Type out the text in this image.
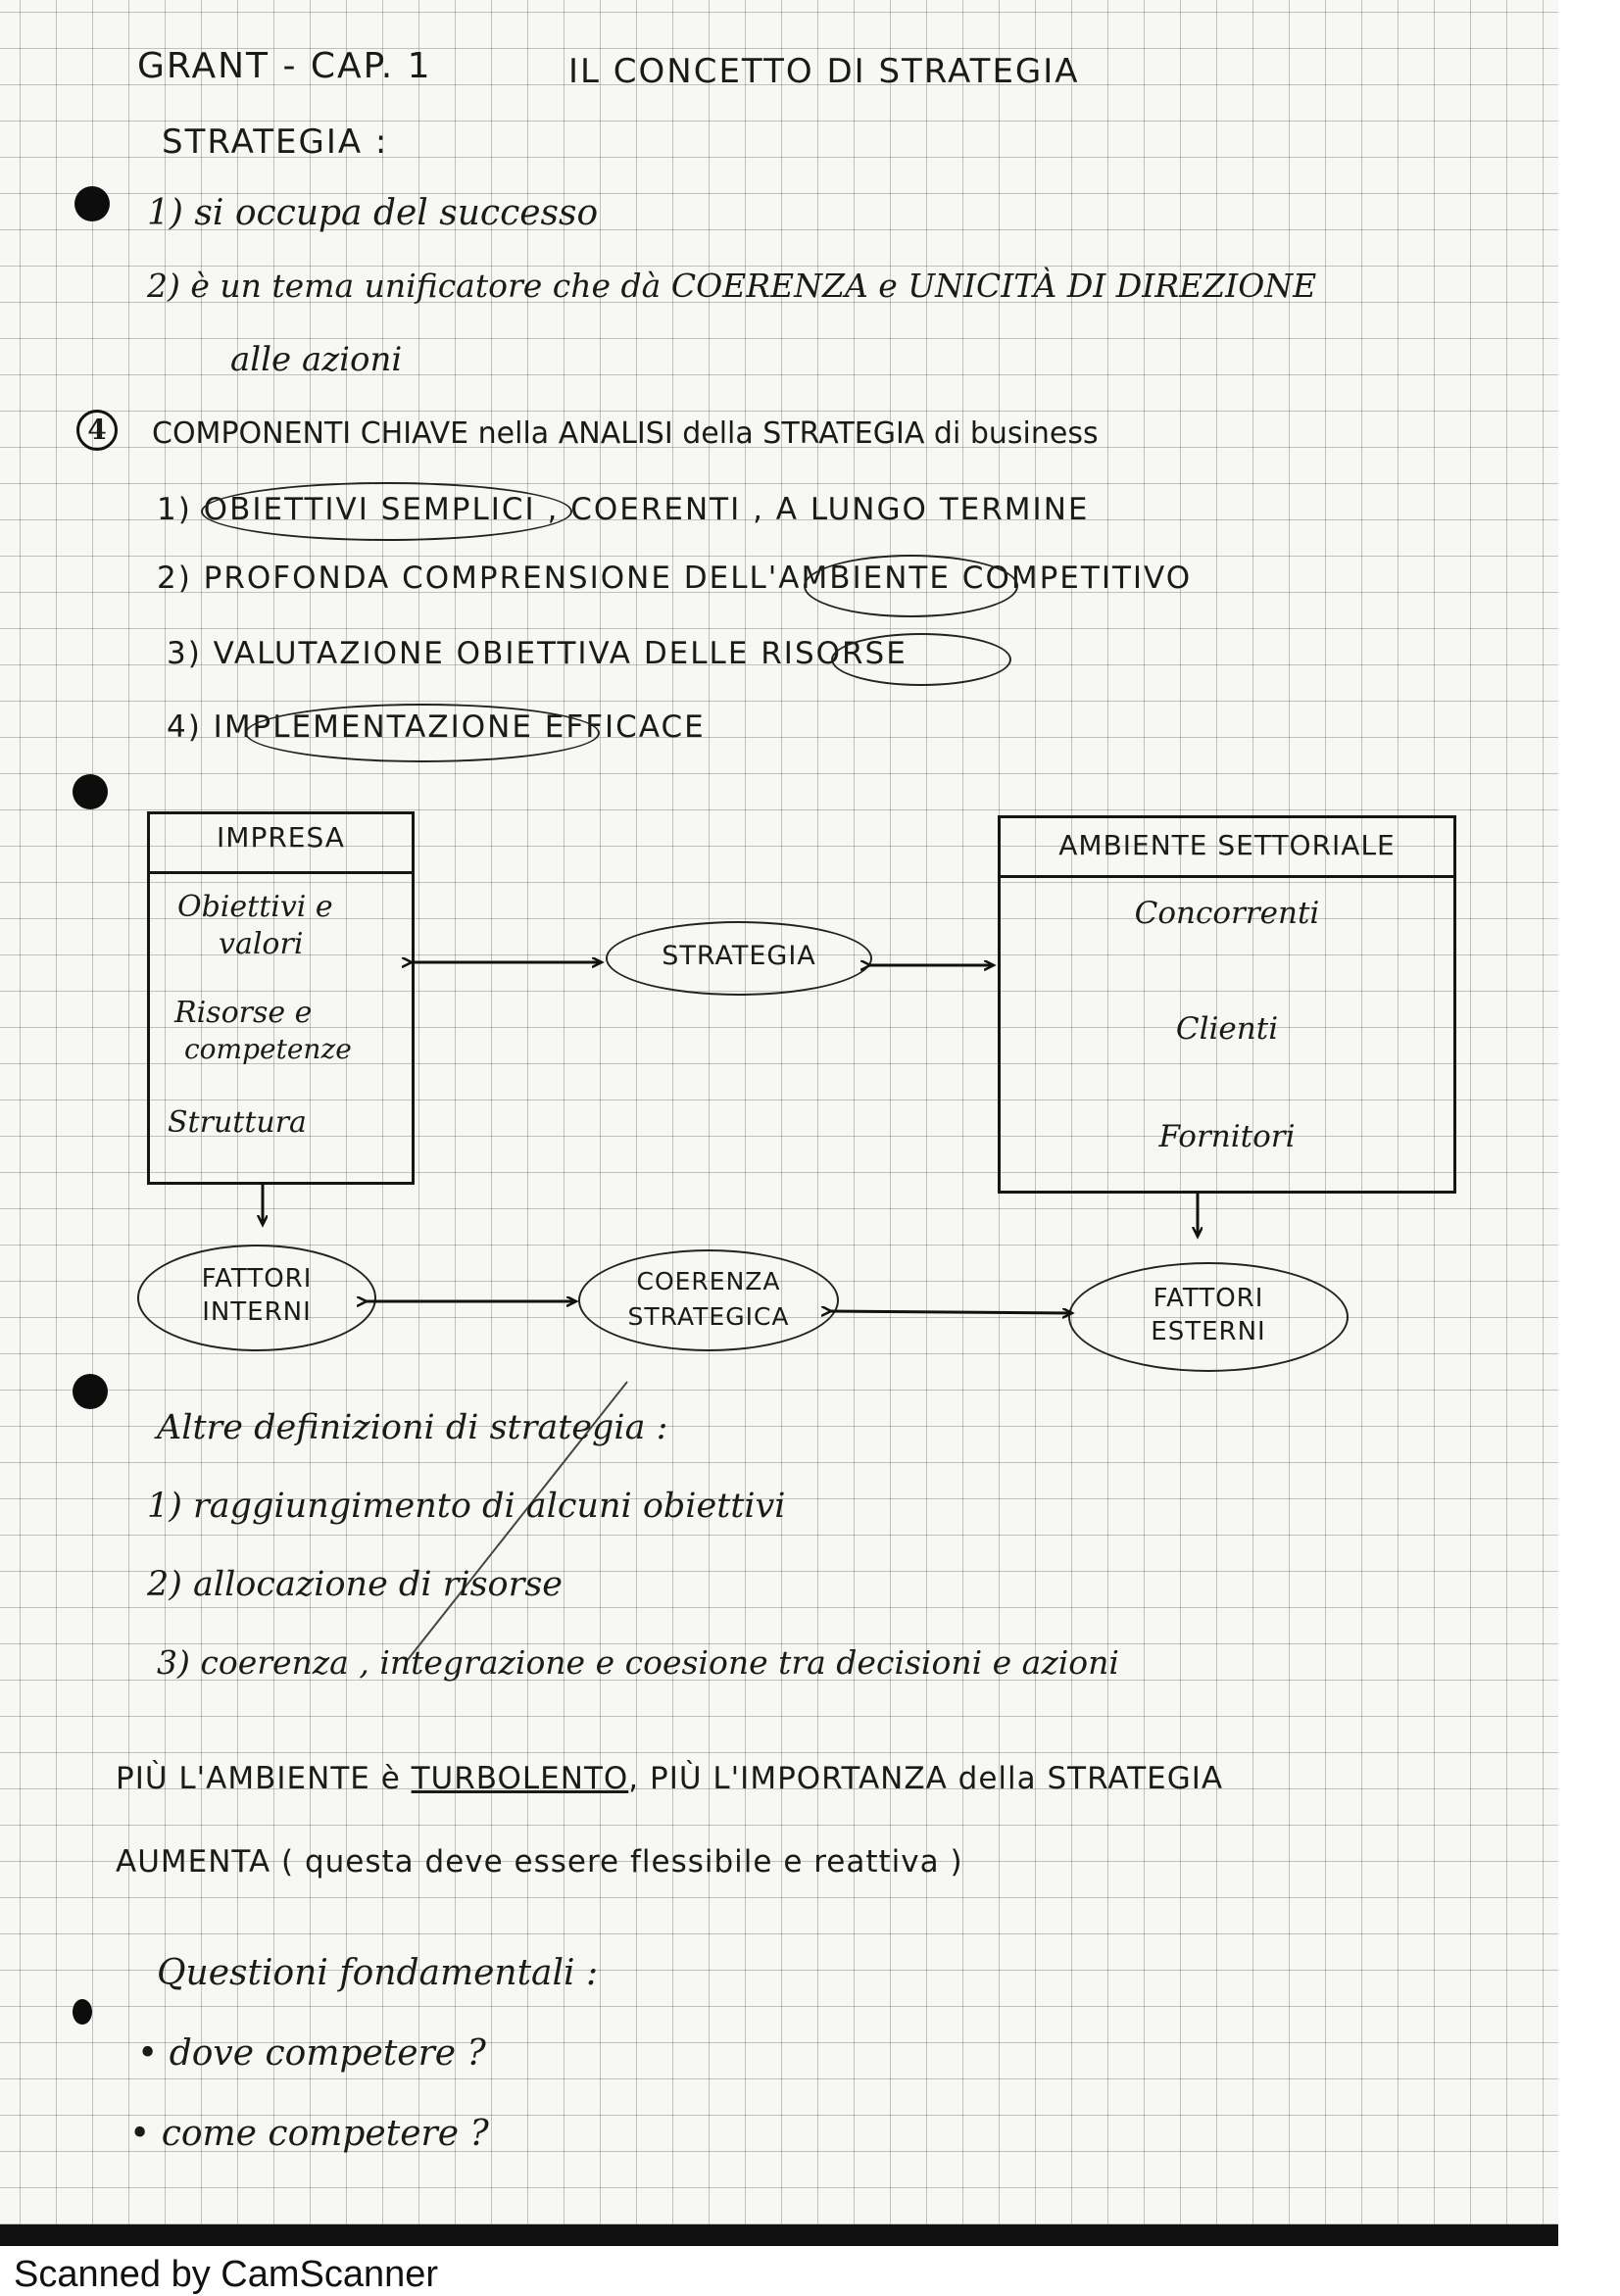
GRANT - CAP. 1	IL CONCETTO DI STRATEGIA
STRATEGIA :
1) si occupa del successo
2) è un tema unificatore che dà COERENZA e UNICITÀ DI DIREZIONE
alle azioni
4	COMPONENTI CHIAVE nella ANALISI della STRATEGIA di business
1) OBIETTIVI SEMPLICI , COERENTI , A LUNGO TERMINE
2) PROFONDA COMPRENSIONE DELL'AMBIENTE COMPETITIVO
3) VALUTAZIONE OBIETTIVA DELLE RISORSE
4) IMPLEMENTAZIONE EFFICACE
IMPRESA
Obiettivi e
valori
Risorse e
competenze
Struttura
AMBIENTE SETTORIALE
Concorrenti
Clienti
Fornitori
STRATEGIA
FATTORI
INTERNI
COERENZA
STRATEGICA
FATTORI
ESTERNI
Altre definizioni di strategia :
1) raggiungimento di alcuni obiettivi
2) allocazione di risorse
3) coerenza , integrazione e coesione tra decisioni e azioni
PIÙ L'AMBIENTE è TURBOLENTO, PIÙ L'IMPORTANZA della STRATEGIA
AUMENTA ( questa deve essere flessibile e reattiva )
Questioni fondamentali :
• dove competere ?
• come competere ?
Scanned by CamScanner
